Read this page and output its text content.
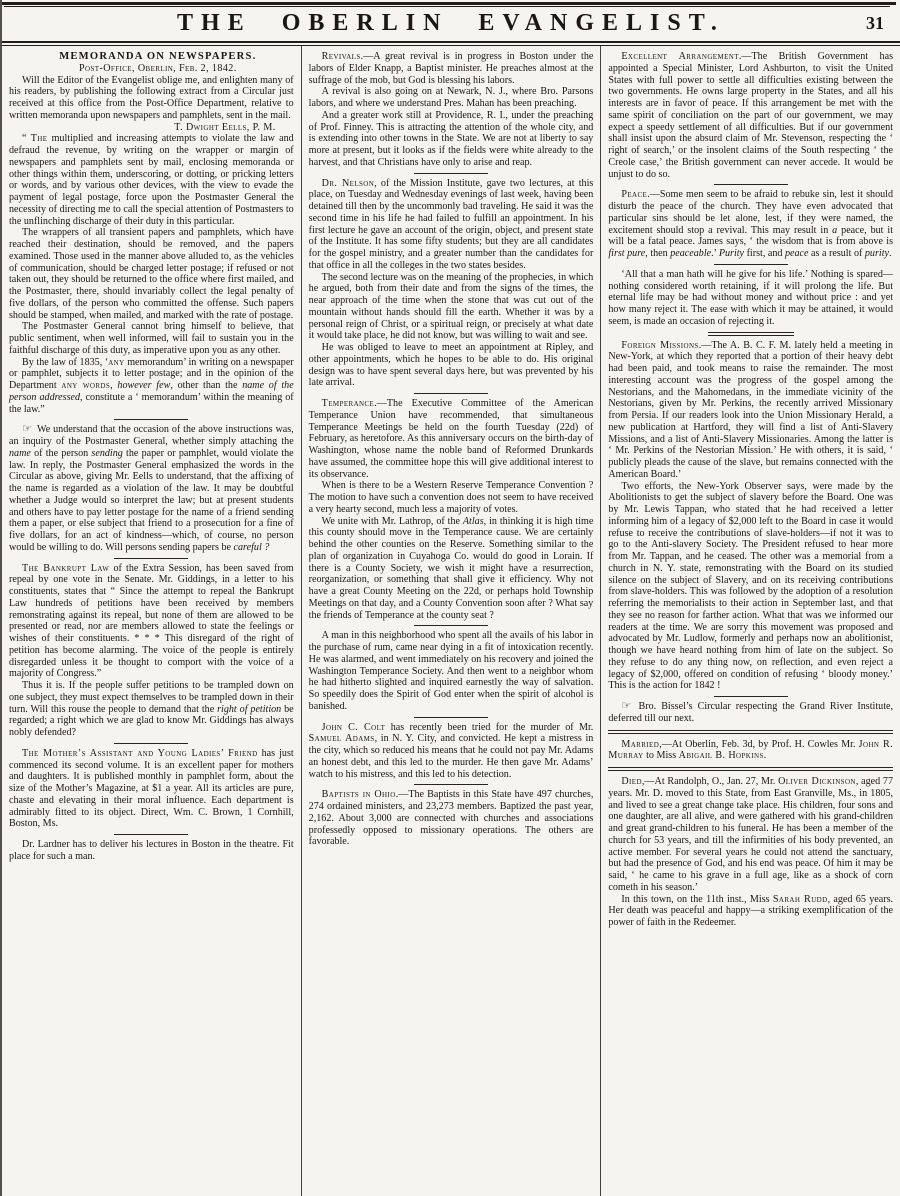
THE OBERLIN EVANGELIST.	31

MEMORANDA ON NEWSPAPERS.

Post-Office, Oberlin, Feb. 2, 1842.

Will the Editor of the Evangelist oblige me, and enlighten many of his readers, by publishing the following extract from a Circular just received at this office from the Post-Office Department, relative to written memoranda upon newspapers and pamphlets, sent in the mail.

T. Dwight Eells, P. M.

“ The multiplied and increasing attempts to violate the law and defraud the revenue, by writing on the wrapper or margin of newspapers and pamphlets sent by mail, enclosing memoranda or other things within them, underscoring, or dotting, or pricking letters or words, and by various other devices, with the view to evade the payment of legal postage, force upon the Postmaster General the necessity of directing me to call the special attention of Postmasters to the unflinching discharge of their duty in this particular.

The wrappers of all transient papers and pamphlets, which have reached their destination, should be removed, and the papers examined. Those used in the manner above alluded to, as the vehicles of communication, should be charged letter postage; if refused or not taken out, they should be returned to the office where first mailed, and the Postmaster, there, should invariably collect the legal penalty of five dollars, of the person who committed the offense. Such papers should be stamped, when mailed, and marked with the rate of postage.

The Postmaster General cannot bring himself to believe, that public sentiment, when well informed, will fail to sustain you in the faithful discharge of this duty, as imperative upon you as any other.

By the law of 1835, ‘any memorandum’ in writing on a newspaper or pamphlet, subjects it to letter postage; and in the opinion of the Department any words, however few, other than the name of the person addressed, constitute a ‘ memorandum’ within the meaning of the law.”

☞ We understand that the occasion of the above instructions was, an inquiry of the Postmaster General, whether simply attaching the name of the person sending the paper or pamphlet, would violate the law. In reply, the Postmaster General emphasized the words in the Circular as above, giving Mr. Eells to understand, that the affixing of the name is regarded as a violation of the law. It may be doubtful whether a Judge would so interpret the law; but at present students and others have to pay letter postage for the name of a friend sending them a paper, or else subject that friend to a prosecution for a fine of five dollars, for an act of kindness—which, of course, no person would be willing to do. Will persons sending papers be careful ?

The Bankrupt Law of the Extra Session, has been saved from repeal by one vote in the Senate. Mr. Giddings, in a letter to his constituents, states that “ Since the attempt to repeal the Bankrupt Law hundreds of petitions have been received by members remonstrating against its repeal, but none of them are allowed to be presented or read, nor are members allowed to state the feelings or wishes of their constituents. * * * This disregard of the right of petition has become alarming. The voice of the people is entirely disregarded unless it be thought to comport with the voice of a majority of Congress.”

Thus it is. If the people suffer petitions to be trampled down on one subject, they must expect themselves to be trampled down in their turn. Will this rouse the people to demand that the right of petition be regarded; a right which we are glad to know Mr. Giddings has always nobly defended?

The Mother’s Assistant and Young Ladies’ Friend has just commenced its second volume. It is an excellent paper for mothers and daughters. It is published monthly in pamphlet form, about the size of the Mother’s Magazine, at $1 a year. All its articles are pure, chaste and elevating in their moral influence. Each department is admirably fitted to its object. Direct, Wm. C. Brown, 1 Cornhill, Boston, Ms.

Dr. Lardner has to deliver his lectures in Boston in the theatre. Fit place for such a man.

Revivals.—A great revival is in progress in Boston under the labors of Elder Knapp, a Baptist minister. He preaches almost at the suffrage of the mob, but God is blessing his labors.

A revival is also going on at Newark, N. J., where Bro. Parsons labors, and where we understand Pres. Mahan has been preaching.

And a greater work still at Providence, R. I., under the preaching of Prof. Finney. This is attracting the attention of the whole city, and is extending into other towns in the State. We are not at liberty to say more at present, but it looks as if the fields were white already to the harvest, and that Christians have only to arise and reap.

Dr. Nelson, of the Mission Institute, gave two lectures, at this place, on Tuesday and Wednesday evenings of last week, having been detained till then by the uncommonly bad traveling. He said it was the second time in his life he had failed to fulfill an appointment. In his first lecture he gave an account of the origin, object, and present state of the Institute. It has some fifty students; but they are all candidates for the gospel ministry, and a greater number than the candidates for that office in all the colleges in the two states besides.

The second lecture was on the meaning of the prophecies, in which he argued, both from their date and from the signs of the times, the near approach of the time when the stone that was cut out of the mountain without hands should fill the earth. Whether it was by a personal reign of Christ, or a spiritual reign, or precisely at what date it would take place, he did not know, but was willing to wait and see.

He was obliged to leave to meet an appointment at Ripley, and other appointments, which he hopes to be able to do. His original design was to have spent several days here, but was prevented by his late arrival.

Temperance.—The Executive Committee of the American Temperance Union have recommended, that simultaneous Temperance Meetings be held on the fourth Tuesday (22d) of February, as heretofore. As this anniversary occurs on the birth-day of Washington, whose name the noble band of Reformed Drunkards have assumed, the committee hope this will give additional interest to its observance.

When is there to be a Western Reserve Temperance Convention ? The motion to have such a convention does not seem to have received a very hearty second, much less a majority of votes.

We unite with Mr. Lathrop, of the Atlas, in thinking it is high time this county should move in the Temperance cause. We are certainly behind the other counties on the Reserve. Something similar to the plan of organization in Cuyahoga Co. would do good in Lorain. If there is a County Society, we wish it might have a resurrection, reorganization, or something that shall give it efficiency. Why not have a great County Meeting on the 22d, or perhaps hold Township Meetings on that day, and a County Convention soon after ? What say the friends of Temperance at the county seat ?

A man in this neighborhood who spent all the avails of his labor in the purchase of rum, came near dying in a fit of intoxication recently. He was alarmed, and went immediately on his recovery and joined the Washington Temperance Society. And then went to a neighbor whom he had hitherto slighted and inquired earnestly the way of salvation. So speedily does the Spirit of God enter when the spirit of alcohol is banished.

John C. Colt has recently been tried for the murder of Mr. Samuel Adams, in N. Y. City, and convicted. He kept a mistress in the city, which so reduced his means that he could not pay Mr. Adams an honest debt, and this led to the murder. He then gave Mr. Adams’ watch to his mistress, and this led to his detection.

Baptists in Ohio.—The Baptists in this State have 497 churches, 274 ordained ministers, and 23,273 members. Baptized the past year, 2,162. About 3,000 are connected with churches and associations professedly opposed to missionary operations. The others are favorable.

Excellent Arrangement.—The British Government has appointed a Special Minister, Lord Ashburton, to visit the United States with full power to settle all difficulties existing between the two governments. He owns large property in the States, and all his interests are in favor of peace. If this arrangement be met with the same spirit of conciliation on the part of our government, we may expect a speedy settlement of all difficulties. But if our government shall insist upon the absurd claim of Mr. Stevenson, respecting the ‘ right of search,’ or the insolent claims of the South respecting ‘ the Creole case,’ the British government can never accede. It would be unjust to do so.

Peace.—Some men seem to be afraid to rebuke sin, lest it should disturb the peace of the church. They have even advocated that particular sins should be let alone, lest, if they were named, the excitement should stop a revival. This may result in a peace, but it will be a fatal peace. James says, ‘ the wisdom that is from above is first pure, then peaceable.’ Purity first, and peace as a result of purity.

‘All that a man hath will he give for his life.’ Nothing is spared—nothing considered worth retaining, if it will prolong the life. But eternal life may be had without money and without price : and yet how many reject it. The ease with which it may be attained, it would seem, is made an occasion of rejecting it.

Foreign Missions.—The A. B. C. F. M. lately held a meeting in New-York, at which they reported that a portion of their heavy debt had been paid, and took means to raise the remainder. The most interesting account was the progress of the gospel among the Nestorians, and the Mahomedans, in the immediate vicinity of the Nestorians, given by Mr. Perkins, the recently arrived Missionary from Persia. If our readers look into the Union Missionary Herald, a new publication at Hartford, they will find a list of Anti-Slavery Missions, and a list of Anti-Slavery Missionaries. Among the latter is ‘ Mr. Perkins of the Nestorian Mission.’ He with others, it is said, ‘ publicly pleads the cause of the slave, but remains connected with the American Board.’

Two efforts, the New-York Observer says, were made by the Abolitionists to get the subject of slavery before the Board. One was by Mr. Lewis Tappan, who stated that he had received a letter informing him of a legacy of $2,000 left to the Board in case it would refuse to receive the contributions of slave-holders—if not it was to go to the Anti-slavery Society. The President refused to hear more from Mr. Tappan, and he ceased. The other was a memorial from a church in N. Y. state, remonstrating with the Board on its studied silence on the subject of Slavery, and on its receiving contributions from slave-holders. This was followed by the adoption of a resolution referring the memorialists to their action in September last, and that they see no reason for farther action. What that was we informed our readers at the time. We are sorry this movement was proposed and advocated by Mr. Ludlow, formerly and perhaps now an abolitionist, though we have heard nothing from him of late on the subject. So they refuse to do any thing now, on reflection, and even reject a legacy of $2,000, offered on condition of refusing ‘ bloody money.’ This is the action for 1842 !

☞ Bro. Bissel’s Circular respecting the Grand River Institute, deferred till our next.

Married,—At Oberlin, Feb. 3d, by Prof. H. Cowles Mr. John R. Murray to Miss Abigail B. Hopkins.

Died,—At Randolph, O., Jan. 27, Mr. Oliver Dickinson, aged 77 years. Mr. D. moved to this State, from East Granville, Ms., in 1805, and lived to see a great change take place. His children, four sons and one daughter, are all alive, and were gathered with his grand-children and great grand-children to his funeral. He has been a member of the church for 53 years, and till the infirmities of his body prevented, an active member. For several years he could not attend the sanctuary, but had the presence of God, and his end was peace. Of him it may be said, ‘ he came to his grave in a full age, like as a shock of corn cometh in his season.’

In this town, on the 11th inst., Miss Sarah Rudd, aged 65 years. Her death was peaceful and happy—a striking exemplification of the power of faith in the Redeemer.
